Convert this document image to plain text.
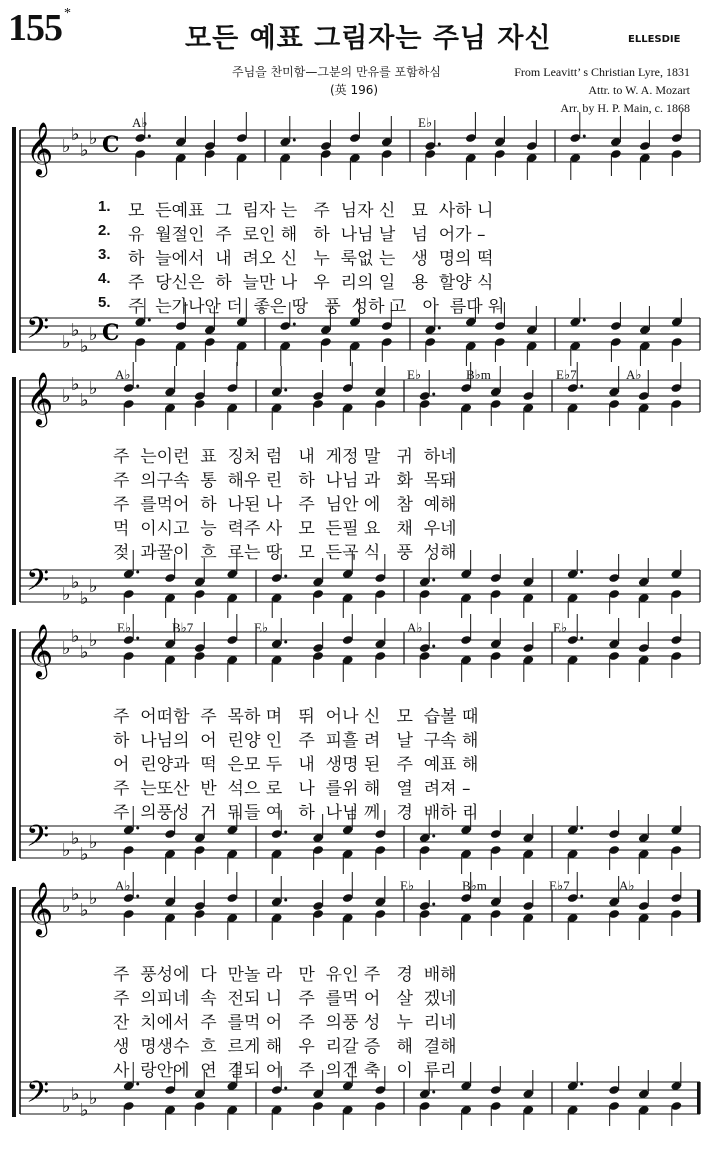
155 *
모든 예표 그림자는 주님 자신	ELLESDIE
주님을 찬미함—그분의 만유를 포함하심
(英 196)
From Leavitt’ s Christian Lyre, 1831
Attr. to W. A. Mozart
Arr. by H. P. Main, c. 1868
𝄞
𝄢
♭
♭
♭
♭
♭
♭
♭
♭
C
C
𝄞
𝄢
♭
♭
♭
♭
♭
♭
♭
♭
𝄞
𝄢
♭
♭
♭
♭
♭
♭
♭
♭
𝄞
𝄢
♭
♭
♭
♭
♭
♭
♭
♭
A♭	E♭
1.
2.
3.
4.
5.
모  든예표  그  림자 는   주  님자 신   묘  사하 니
유  월절인  주  로인 해   하  나님 날   넘  어가 –
하  늘에서  내  려오 신   누  룩없 는   생  명의 떡
주  당신은  하  늘만 나   우  리의 일   용  할양 식
주  는가나안 더  좋은 땅   풍  성하 고   아  름다 워
A♭	E♭	B♭m	E♭7	A♭
주  는이런  표  징처 럼   내  게정 말   귀  하네
주  의구속  통  해우 린   하  나님 과   화  목돼
주  를먹어  하  나된 나   주  님안 에   참  예해
먹  이시고  능  력주 사   모  든필 요   채  우네
젖  과꿀이  흐  르는 땅   모  든곡 식   풍  성해
E♭	B♭7	E♭	A♭	E♭
주  어떠함  주  목하 며   뛰  어나 신   모  습볼 때
하  나님의  어  린양 인   주  피흘 려   날  구속 해
어  린양과  떡  은모 두   내  생명 된   주  예표 해
주  는또산  반  석으 로   나  를위 해   열  려져 –
주  의풍성  거  둬들 여   하  나님 께   경  배하 리
A♭	E♭	B♭m	E♭7	A♭
주  풍성에  다  만놀 라   만  유인 주   경  배해
주  의피네  속  전되 니   주  를먹 어   살  겠네
잔  치에서  주  를먹 어   주  의풍 성   누  리네
생  명생수  흐  르게 해   우  리갈 증   해  결해
사  랑안에  연  결되 어   주  의건 축   이  루리
